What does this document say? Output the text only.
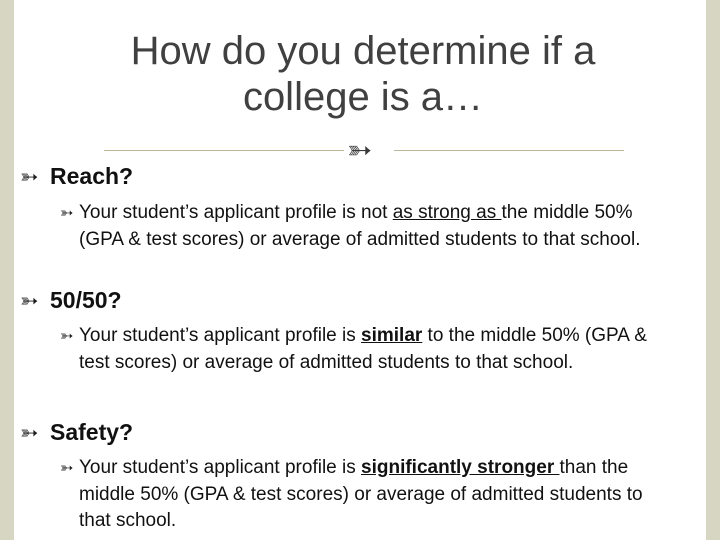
How do you determine if a
college is a…
➳
➳ Reach?
➳ Your student’s applicant profile is not as strong as the middle 50% (GPA & test scores) or average of admitted students to that school.
➳ 50/50?
➳ Your student’s applicant profile is similar to the middle 50% (GPA & test scores) or average of admitted students to that school.
➳ Safety?
➳ Your student’s applicant profile is significantly stronger than the middle 50% (GPA & test scores) or average of admitted students to that school.
